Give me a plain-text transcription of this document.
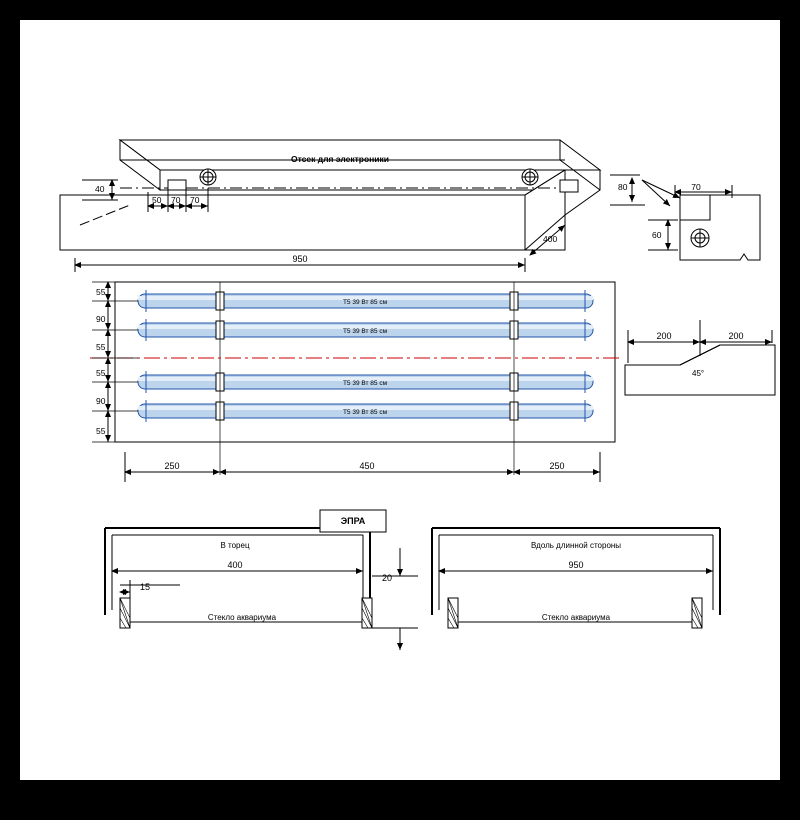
Отсек для электроники
40	80
50 70 70
950
400
70
60
55
90
55
55
90
55
250	450	250
T5 39 Вт 85 см
T5 39 Вт 85 см
T5 39 Вт 85 см
T5 39 Вт 85 см
200	200
45°
ЭПРА
В торец	Вдоль длинной стороны
400	950
15
20
Стекло аквариума	Стекло аквариума
